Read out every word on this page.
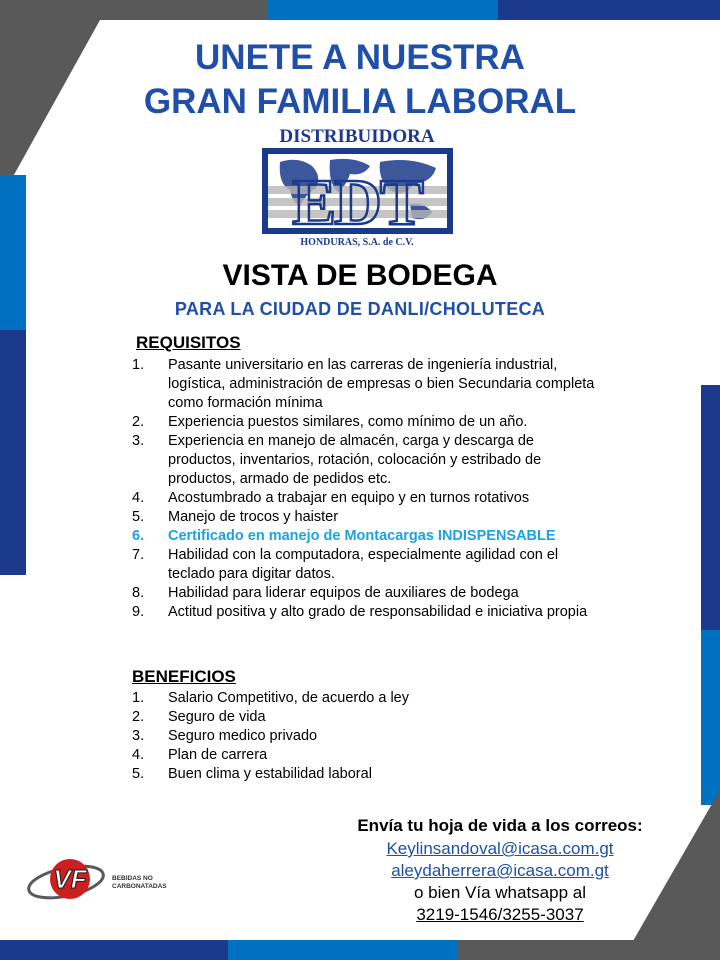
UNETE A NUESTRA
GRAN FAMILIA LABORAL
DISTRIBUIDORA
EDT
HONDURAS, S.A. de C.V.
VISTA DE BODEGA
PARA LA CIUDAD DE DANLI/CHOLUTECA
REQUISITOS
1. Pasante universitario en las carreras de ingeniería industrial, logística, administración de empresas o bien Secundaria completa como formación mínima
2. Experiencia puestos similares, como mínimo de un año.
3. Experiencia en manejo de almacén, carga y descarga de productos, inventarios, rotación, colocación y estribado de productos, armado de pedidos etc.
4. Acostumbrado a trabajar en equipo y en turnos rotativos
5. Manejo de trocos y haister
6. Certificado en manejo de Montacargas INDISPENSABLE
7. Habilidad con la computadora, especialmente agilidad con el teclado para digitar datos.
8. Habilidad para liderar equipos de auxiliares de bodega
9. Actitud positiva y alto grado de responsabilidad e iniciativa propia
BENEFICIOS
1. Salario Competitivo, de acuerdo a ley
2. Seguro de vida
3. Seguro medico privado
4. Plan de carrera
5. Buen clima y estabilidad laboral
Envía tu hoja de vida a los correos:
Keylinsandoval@icasa.com.gt
aleydaherrera@icasa.com.gt
o bien Vía whatsapp al
3219-1546/3255-3037
VF	BEBIDAS NO
CARBONATADAS
